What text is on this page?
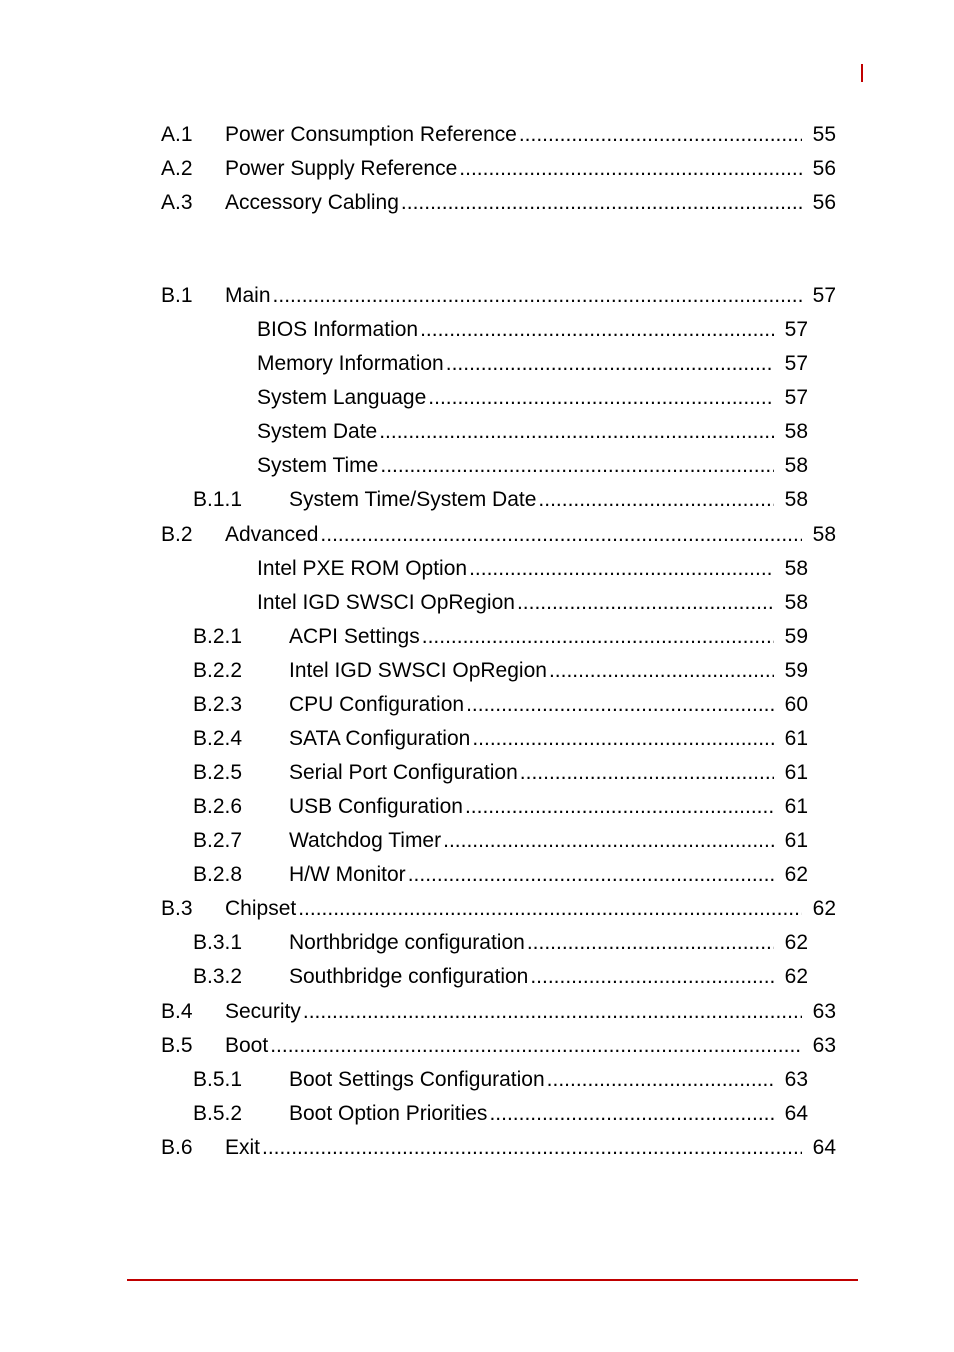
A.1 Power Consumption Reference .....	55
A.2 Power Supply Reference .....	56
A.3 Accessory Cabling .....	56
B.1 Main .....	57
BIOS Information .....	57
Memory Information .....	57
System Language .....	57
System Date .....	58
System Time .....	58
B.1.1 System Time/System Date .....	58
B.2 Advanced .....	58
Intel PXE ROM Option .....	58
Intel IGD SWSCI OpRegion .....	58
B.2.1 ACPI Settings .....	59
B.2.2 Intel IGD SWSCI OpRegion .....	59
B.2.3 CPU Configuration .....	60
B.2.4 SATA Configuration .....	61
B.2.5 Serial Port Configuration .....	61
B.2.6 USB Configuration .....	61
B.2.7 Watchdog Timer .....	61
B.2.8 H/W Monitor .....	62
B.3 Chipset .....	62
B.3.1 Northbridge configuration .....	62
B.3.2 Southbridge configuration .....	62
B.4 Security .....	63
B.5 Boot .....	63
B.5.1 Boot Settings Configuration .....	63
B.5.2 Boot Option Priorities .....	64
B.6 Exit .....	64
